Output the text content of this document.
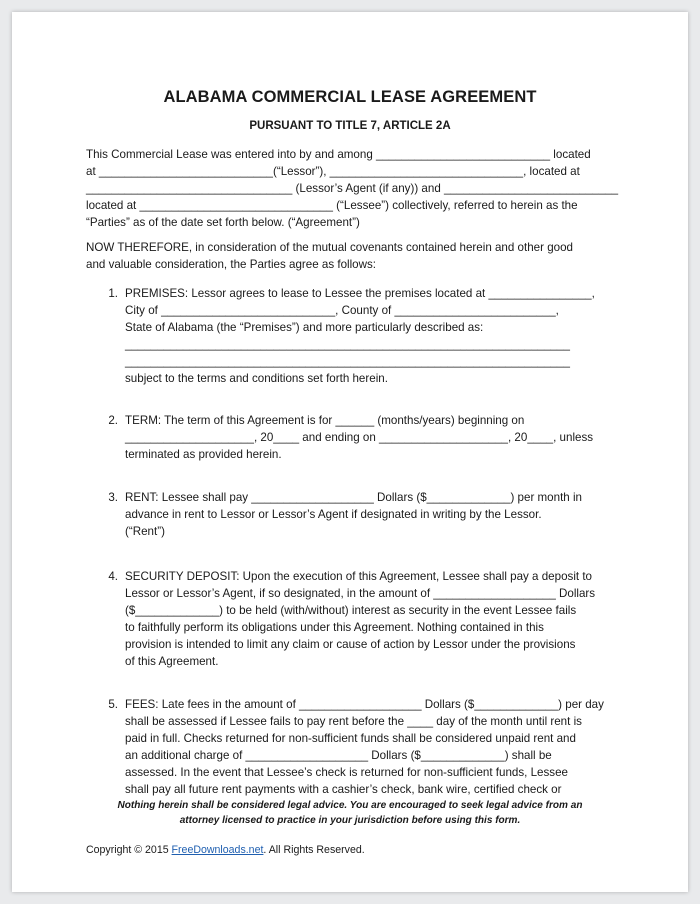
ALABAMA COMMERCIAL LEASE AGREEMENT
PURSUANT TO TITLE 7, ARTICLE 2A
This Commercial Lease was entered into by and among ___________________________ located
at ___________________________(“Lessor”), ______________________________, located at
________________________________ (Lessor’s Agent (if any)) and ___________________________
located at ______________________________ (“Lessee”) collectively, referred to herein as the
“Parties” as of the date set forth below. (“Agreement”)
NOW THEREFORE, in consideration of the mutual covenants contained herein and other good
and valuable consideration, the Parties agree as follows:
1. PREMISES: Lessor agrees to lease to Lessee the premises located at ________________,
City of ___________________________, County of _________________________,
State of Alabama (the “Premises”) and more particularly described as:
_____________________________________________________________________
_____________________________________________________________________
subject to the terms and conditions set forth herein.
2. TERM: The term of this Agreement is for ______ (months/years) beginning on
____________________, 20____ and ending on ____________________, 20____, unless
terminated as provided herein.
3. RENT: Lessee shall pay ___________________ Dollars ($_____________) per month in
advance in rent to Lessor or Lessor’s Agent if designated in writing by the Lessor.
(“Rent”)
4. SECURITY DEPOSIT: Upon the execution of this Agreement, Lessee shall pay a deposit to
Lessor or Lessor’s Agent, if so designated, in the amount of ___________________ Dollars
($_____________) to be held (with/without) interest as security in the event Lessee fails
to faithfully perform its obligations under this Agreement. Nothing contained in this
provision is intended to limit any claim or cause of action by Lessor under the provisions
of this Agreement.
5. FEES: Late fees in the amount of ___________________ Dollars ($_____________) per day
shall be assessed if Lessee fails to pay rent before the ____ day of the month until rent is
paid in full. Checks returned for non-sufficient funds shall be considered unpaid rent and
an additional charge of ___________________ Dollars ($_____________) shall be
assessed. In the event that Lessee’s check is returned for non-sufficient funds, Lessee
shall pay all future rent payments with a cashier’s check, bank wire, certified check or
Nothing herein shall be considered legal advice. You are encouraged to seek legal advice from an
attorney licensed to practice in your jurisdiction before using this form.
Copyright © 2015 FreeDownloads.net. All Rights Reserved.
